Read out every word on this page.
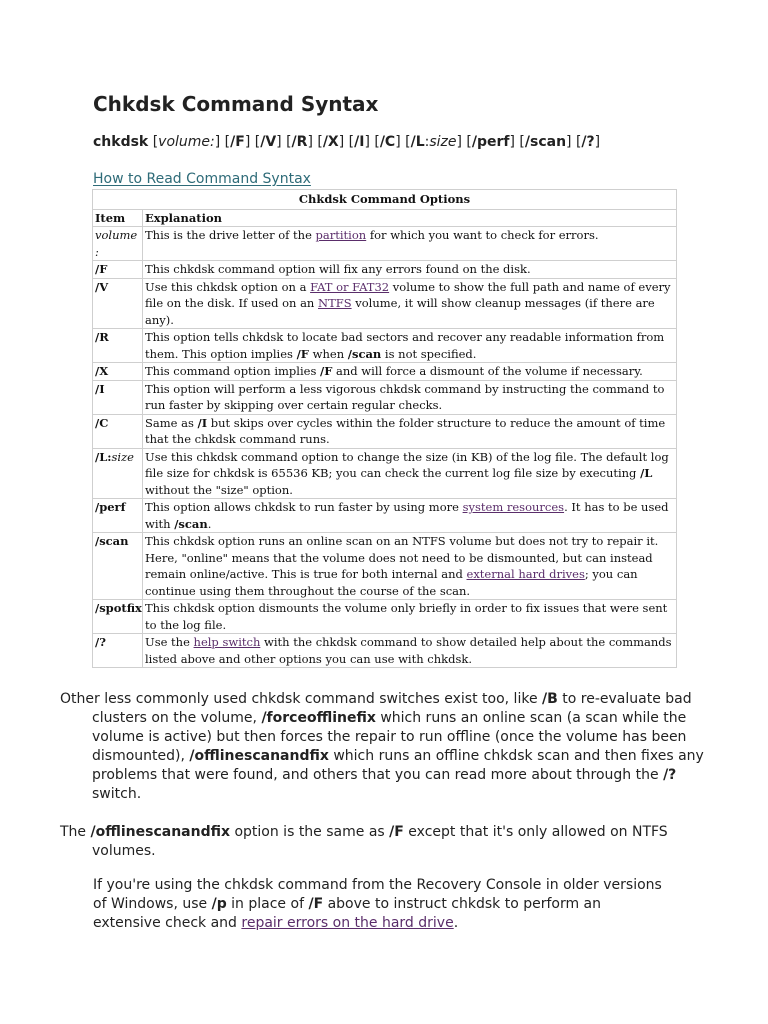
Chkdsk Command Syntax
chkdsk [volume:] [/F] [/V] [/R] [/X] [/I] [/C] [/L:size] [/perf] [/scan] [/?]
How to Read Command Syntax
Chkdsk Command Options	
Item	Explanation
volume :	This is the drive letter of the partition for which you want to check for errors.
/F	This chkdsk command option will fix any errors found on the disk.
/V	Use this chkdsk option on a FAT or FAT32 volume to show the full path and name of every file on the disk. If used on an NTFS volume, it will show cleanup messages (if there are any).
/R	This option tells chkdsk to locate bad sectors and recover any readable information from them. This option implies /F when /scan is not specified.
/X	This command option implies /F and will force a dismount of the volume if necessary.
/I	This option will perform a less vigorous chkdsk command by instructing the command to run faster by skipping over certain regular checks.
/C	Same as /I but skips over cycles within the folder structure to reduce the amount of time that the chkdsk command runs.
/L:size	Use this chkdsk command option to change the size (in KB) of the log file. The default log file size for chkdsk is 65536 KB; you can check the current log file size by executing /L without the "size" option.
/perf	This option allows chkdsk to run faster by using more system resources. It has to be used with /scan.
/scan	This chkdsk option runs an online scan on an NTFS volume but does not try to repair it. Here, "online" means that the volume does not need to be dismounted, but can instead remain online/active. This is true for both internal and external hard drives; you can continue using them throughout the course of the scan.
/spotfix	This chkdsk option dismounts the volume only briefly in order to fix issues that were sent to the log file.
/?	Use the help switch with the chkdsk command to show detailed help about the commands listed above and other options you can use with chkdsk.
Other less commonly used chkdsk command switches exist too, like /B to re-evaluate bad clusters on the volume, /forceofflinefix which runs an online scan (a scan while the volume is active) but then forces the repair to run offline (once the volume has been dismounted), /offlinescanandfix which runs an offline chkdsk scan and then fixes any problems that were found, and others that you can read more about through the /? switch.
The /offlinescanandfix option is the same as /F except that it's only allowed on NTFS volumes.
If you're using the chkdsk command from the Recovery Console in older versions of Windows, use /p in place of /F above to instruct chkdsk to perform an extensive check and repair errors on the hard drive.
